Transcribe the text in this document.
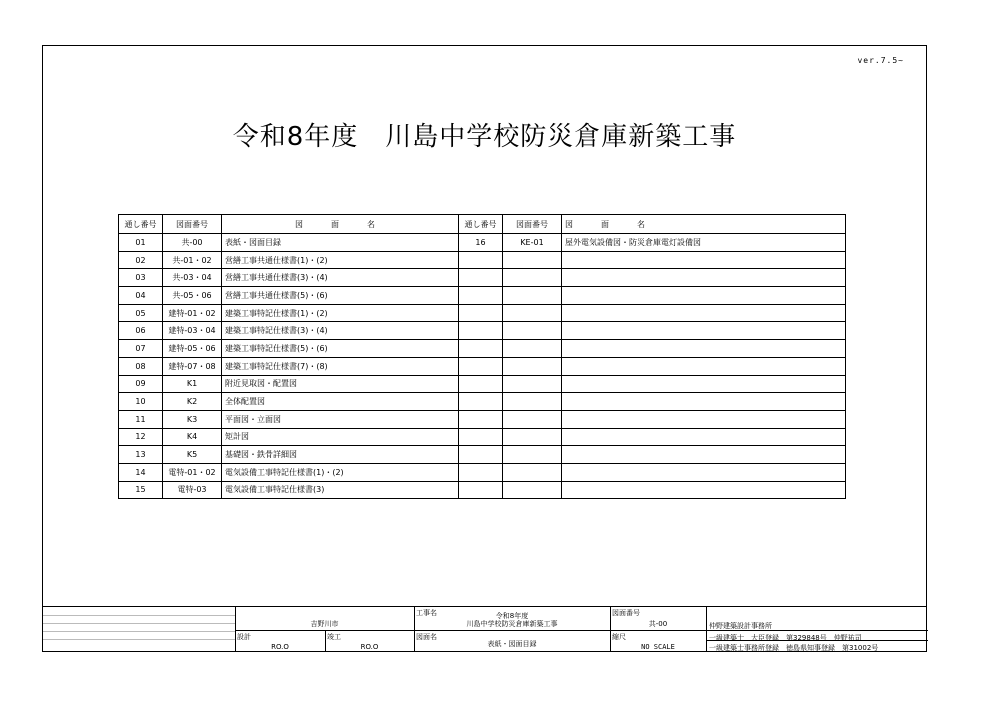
ver.7.5~
令和8年度　川島中学校防災倉庫新築工事
通し番号	図面番号	図　面　名	通し番号	図面番号	図　面　名
01	共-00	表紙・図面目録	16	KE-01	屋外電気設備図・防災倉庫電灯設備図
02	共-01・02	営繕工事共通仕様書(1)・(2)			
03	共-03・04	営繕工事共通仕様書(3)・(4)			
04	共-05・06	営繕工事共通仕様書(5)・(6)			
05	建特-01・02	建築工事特記仕様書(1)・(2)			
06	建特-03・04	建築工事特記仕様書(3)・(4)			
07	建特-05・06	建築工事特記仕様書(5)・(6)			
08	建特-07・08	建築工事特記仕様書(7)・(8)			
09	K1	附近見取図・配置図			
10	K2	全体配置図			
11	K3	平面図・立面図			
12	K4	矩計図			
13	K5	基礎図・鉄骨詳細図			
14	電特-01・02	電気設備工事特記仕様書(1)・(2)			
15	電特-03	電気設備工事特記仕様書(3)			
吉野川市
設計
RO.O
竣工
RO.O
工事名	令和8年度
川島中学校防災倉庫新築工事
図面名
表紙・図面目録
図面番号
共-00
縮尺
NO SCALE
仲野建築設計事務所
一級建築士　大臣登録　第329848号　仲野祐司
一級建築士事務所登録　徳島県知事登録　第31002号
